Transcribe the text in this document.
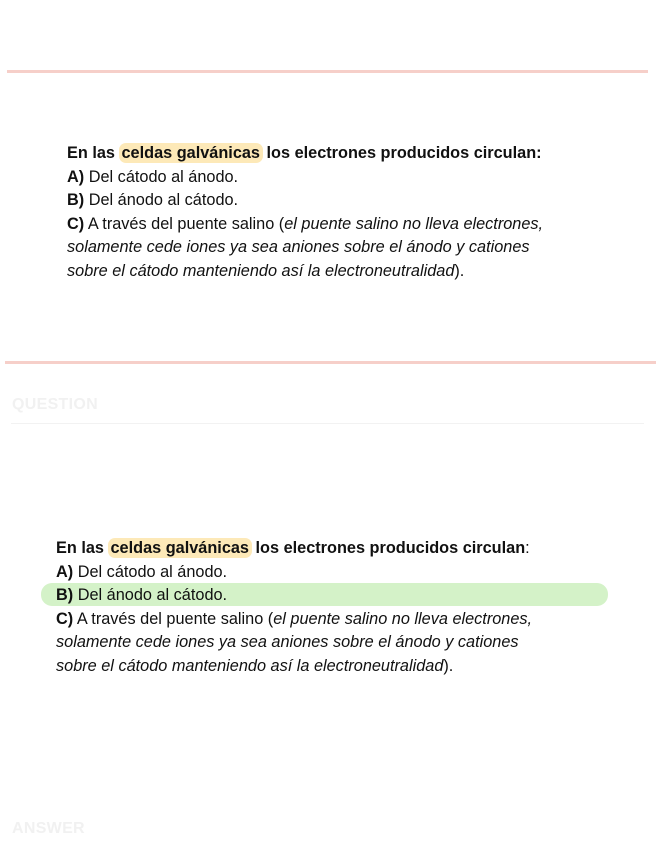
En las celdas galvánicas los electrones producidos circulan:

A) Del cátodo al ánodo.

B) Del ánodo al cátodo.

C) A través del puente salino (el puente salino no lleva electrones,

solamente cede iones ya sea aniones sobre el ánodo y cationes

sobre el cátodo manteniendo así la electroneutralidad).

QUESTION

En las celdas galvánicas los electrones producidos circulan:

A) Del cátodo al ánodo.

B) Del ánodo al cátodo.

C) A través del puente salino (el puente salino no lleva electrones,

solamente cede iones ya sea aniones sobre el ánodo y cationes

sobre el cátodo manteniendo así la electroneutralidad).

ANSWER
